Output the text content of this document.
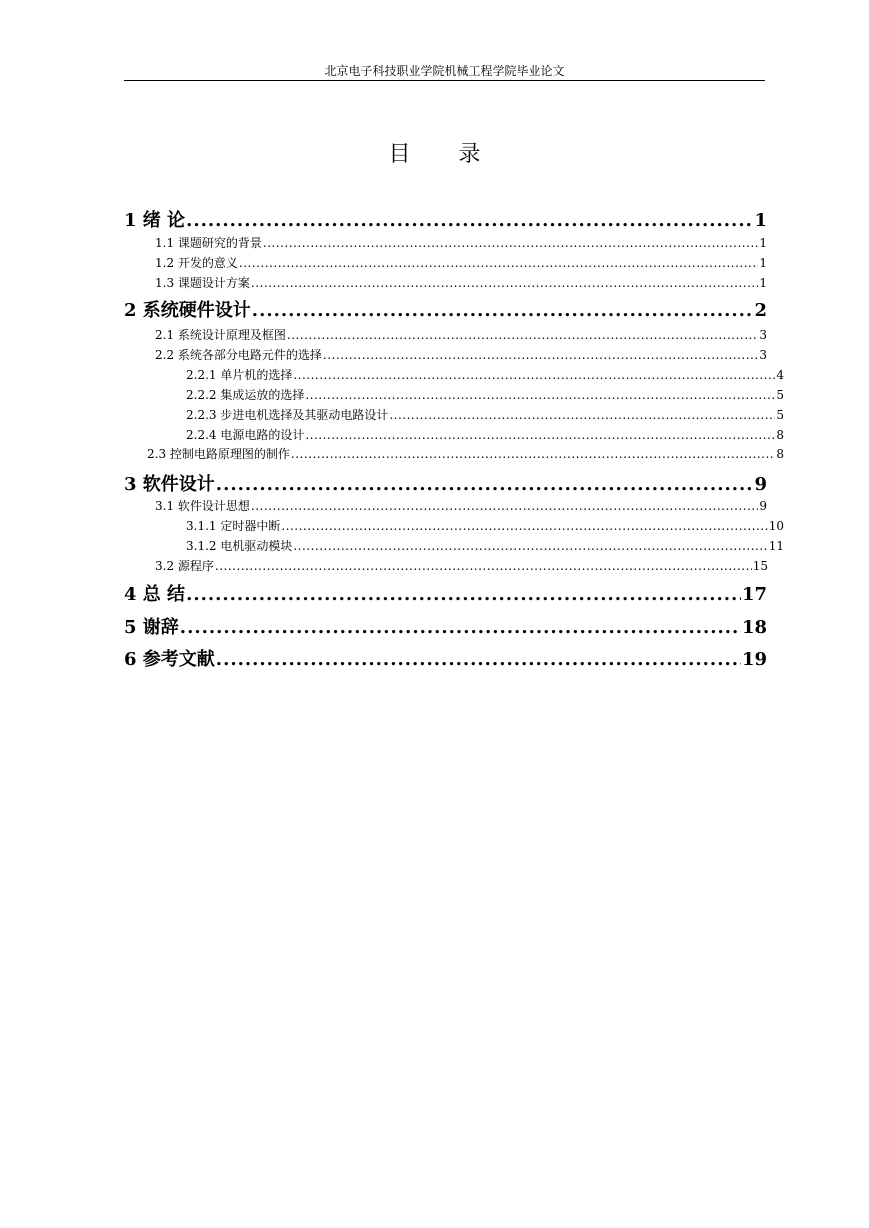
北京电子科技职业学院机械工程学院毕业论文
目 录
1 绪 论 .....	1
1.1 课题研究的背景 .....	1
1.2 开发的意义 .....	1
1.3 课题设计方案 .....	1
2 系统硬件设计 .....	2
2.1 系统设计原理及框图 .....	3
2.2 系统各部分电路元件的选择 .....	3
2.2.1 单片机的选择 .....	4
2.2.2 集成运放的选择 .....	5
2.2.3 步进电机选择及其驱动电路设计 .....	5
2.2.4 电源电路的设计 .....	8
2.3 控制电路原理图的制作 .....	8
3 软件设计 .....	9
3.1 软件设计思想 .....	9
3.1.1 定时器中断 .....	10
3.1.2 电机驱动模块 .....	11
3.2 源程序 .....	15
4 总 结 .....	17
5 谢辞 .....	18
6 参考文献 .....	19
